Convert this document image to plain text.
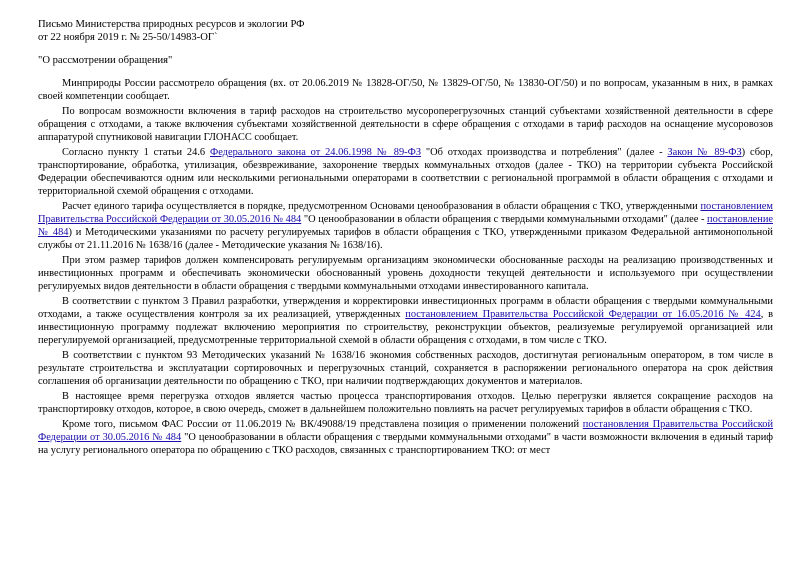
Письмо Министерства природных ресурсов и экологии РФ
от 22 ноября 2019 г. № 25-50/14983-ОГ`
"О рассмотрении обращения"

Минприроды России рассмотрело обращения (вх. от 20.06.2019 № 13828-ОГ/50, № 13829-ОГ/50, № 13830-ОГ/50) и по вопросам, указанным в них, в рамках своей компетенции сообщает.

По вопросам возможности включения в тариф расходов на строительство мусороперегрузочных станций субъектами хозяйственной деятельности в сфере обращения с отходами, а также включения субъектами хозяйственной деятельности в сфере обращения с отходами в тариф расходов на оснащение мусоровозов аппаратурой спутниковой навигации ГЛОНАСС сообщает.

Согласно пункту 1 статьи 24.6 Федерального закона от 24.06.1998 № 89-ФЗ "Об отходах производства и потребления" (далее - Закон № 89-ФЗ) сбор, транспортирование, обработка, утилизация, обезвреживание, захоронение твердых коммунальных отходов (далее - ТКО) на территории субъекта Российской Федерации обеспечиваются одним или несколькими региональными операторами в соответствии с региональной программой в области обращения с отходами и территориальной схемой обращения с отходами.

Расчет единого тарифа осуществляется в порядке, предусмотренном Основами ценообразования в области обращения с ТКО, утвержденными постановлением Правительства Российской Федерации от 30.05.2016 № 484 "О ценообразовании в области обращения с твердыми коммунальными отходами" (далее - постановление № 484) и Методическими указаниями по расчету регулируемых тарифов в области обращения с ТКО, утвержденными приказом Федеральной антимонопольной службы от 21.11.2016 № 1638/16 (далее - Методические указания № 1638/16).

При этом размер тарифов должен компенсировать регулируемым организациям экономически обоснованные расходы на реализацию производственных и инвестиционных программ и обеспечивать экономически обоснованный уровень доходности текущей деятельности и используемого при осуществлении регулируемых видов деятельности в области обращения с твердыми коммунальными отходами инвестированного капитала.

В соответствии с пунктом 3 Правил разработки, утверждения и корректировки инвестиционных программ в области обращения с твердыми коммунальными отходами, а также осуществления контроля за их реализацией, утвержденных постановлением Правительства Российской Федерации от 16.05.2016 № 424, в инвестиционную программу подлежат включению мероприятия по строительству, реконструкции объектов, реализуемые регулируемой организацией или перегулируемой организацией, предусмотренные территориальной схемой в области обращения с отходами, в том числе с ТКО.

В соответствии с пунктом 93 Методических указаний № 1638/16 экономия собственных расходов, достигнутая региональным оператором, в том числе в результате строительства и эксплуатации сортировочных и перегрузочных станций, сохраняется в распоряжении регионального оператора на срок действия соглашения об организации деятельности по обращению с ТКО, при наличии подтверждающих документов и материалов.

В настоящее время перегрузка отходов является частью процесса транспортирования отходов. Целью перегрузки является сокращение расходов на транспортировку отходов, которое, в свою очередь, сможет в дальнейшем положительно повлиять на расчет регулируемых тарифов в области обращения с ТКО.

Кроме того, письмом ФАС России от 11.06.2019 № ВК/49088/19 представлена позиция о применении положений постановления Правительства Российской Федерации от 30.05.2016 № 484 "О ценообразовании в области обращения с твердыми коммунальными отходами" в части возможности включения в единый тариф на услугу регионального оператора по обращению с ТКО расходов, связанных с транспортированием ТКО: от мест
